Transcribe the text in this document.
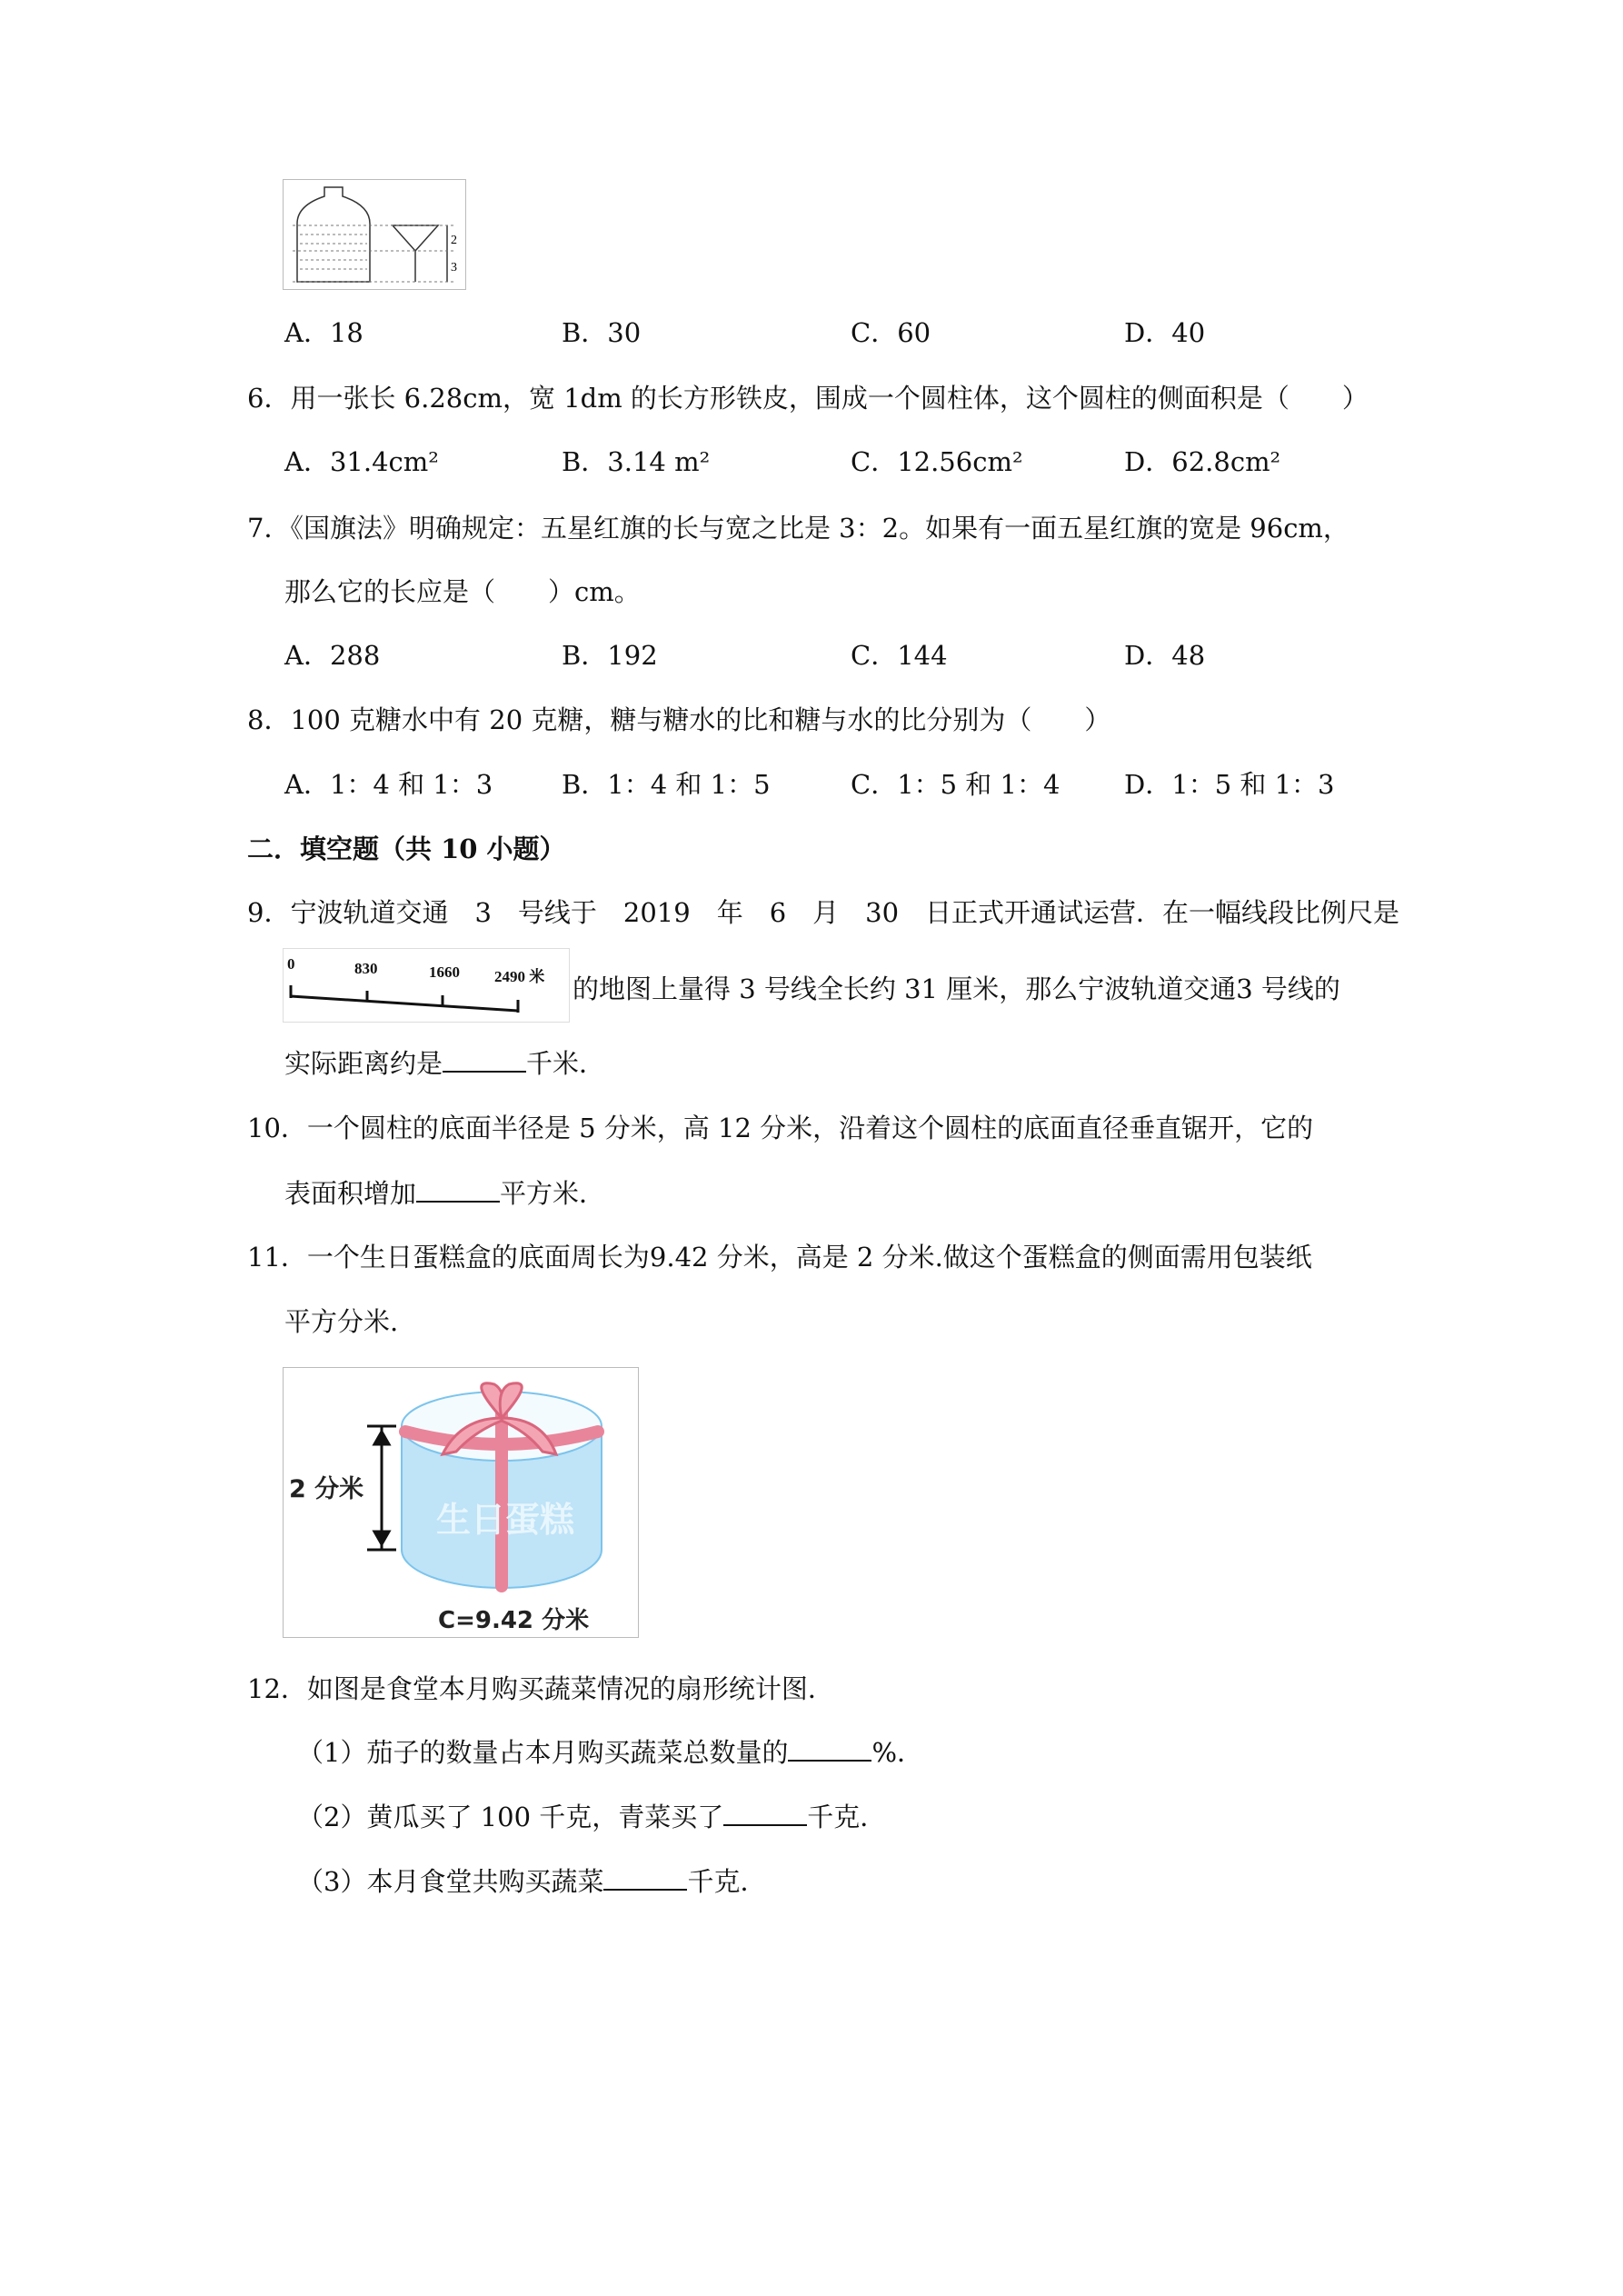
2
3
A．18	B．30	C．60	D．40
6．用一张长 6.28cm，宽 1dm 的长方形铁皮，围成一个圆柱体，这个圆柱的侧面积是（　　）
A．31.4cm²	B．3.14 m²	C．12.56cm²	D．62.8cm²
7．《国旗法》明确规定：五星红旗的长与宽之比是 3：2。如果有一面五星红旗的宽是 96cm，
那么它的长应是（　　）cm。
A．288	B．192	C．144	D．48
8．100 克糖水中有 20 克糖，糖与糖水的比和糖与水的比分别为（　　）
A．1：4 和 1：3	B．1：4 和 1：5	C．1：5 和 1：4 D．1：5 和 1：3
二．填空题（共 10 小题）
9．宁波轨道交通　3　号线于　2019　年　6　月　30　日正式开通试运营．在一幅线段比例尺是
0	830	1660 2490 米 的地图上量得 3 号线全长约 31 厘米，那么宁波轨道交通3 号线的
实际距离约是	千米．
10．一个圆柱的底面半径是 5 分米，高 12 分米，沿着这个圆柱的底面直径垂直锯开，它的
表面积增加	平方米．
11．一个生日蛋糕盒的底面周长为9.42 分米，高是 2 分米.做这个蛋糕盒的侧面需用包装纸
平方分米.
生日蛋糕
2 分米
C=9.42 分米
12．如图是食堂本月购买蔬菜情况的扇形统计图．
（1）茄子的数量占本月购买蔬菜总数量的	%．
（2）黄瓜买了 100 千克，青菜买了	千克．
（3）本月食堂共购买蔬菜	千克．
